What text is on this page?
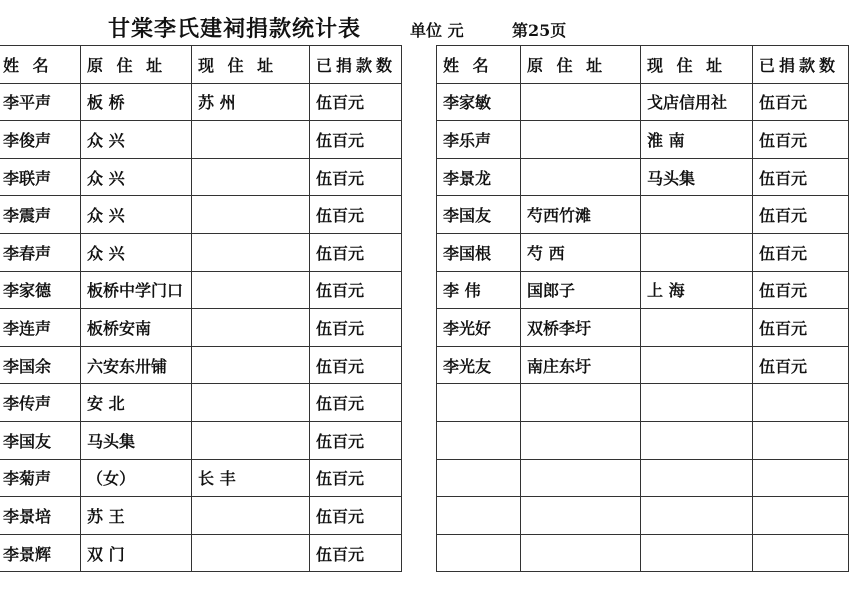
甘棠李氏建祠捐款统计表	单位 元	第25页
姓 名	原 住 址	现 住 址	已捐款数
李平声	板 桥	苏 州	伍百元
李俊声	众 兴		伍百元
李联声	众 兴		伍百元
李震声	众 兴		伍百元
李春声	众 兴		伍百元
李家德	板桥中学门口		伍百元
李连声	板桥安南		伍百元
李国余	六安东卅铺		伍百元
李传声	安 北		伍百元
李国友	马头集		伍百元
李菊声	（女）	长 丰	伍百元
李景培	苏 王		伍百元
李景辉	双 门		伍百元
姓 名	原 住 址	现 住 址	已捐款数
李家敏		戈店信用社	伍百元
李乐声		淮 南	伍百元
李景龙		马头集	伍百元
李国友	芍西竹滩		伍百元
李国根	芍 西		伍百元
李 伟	国郎子	上 海	伍百元
李光好	双桥李圩		伍百元
李光友	南庄东圩		伍百元
